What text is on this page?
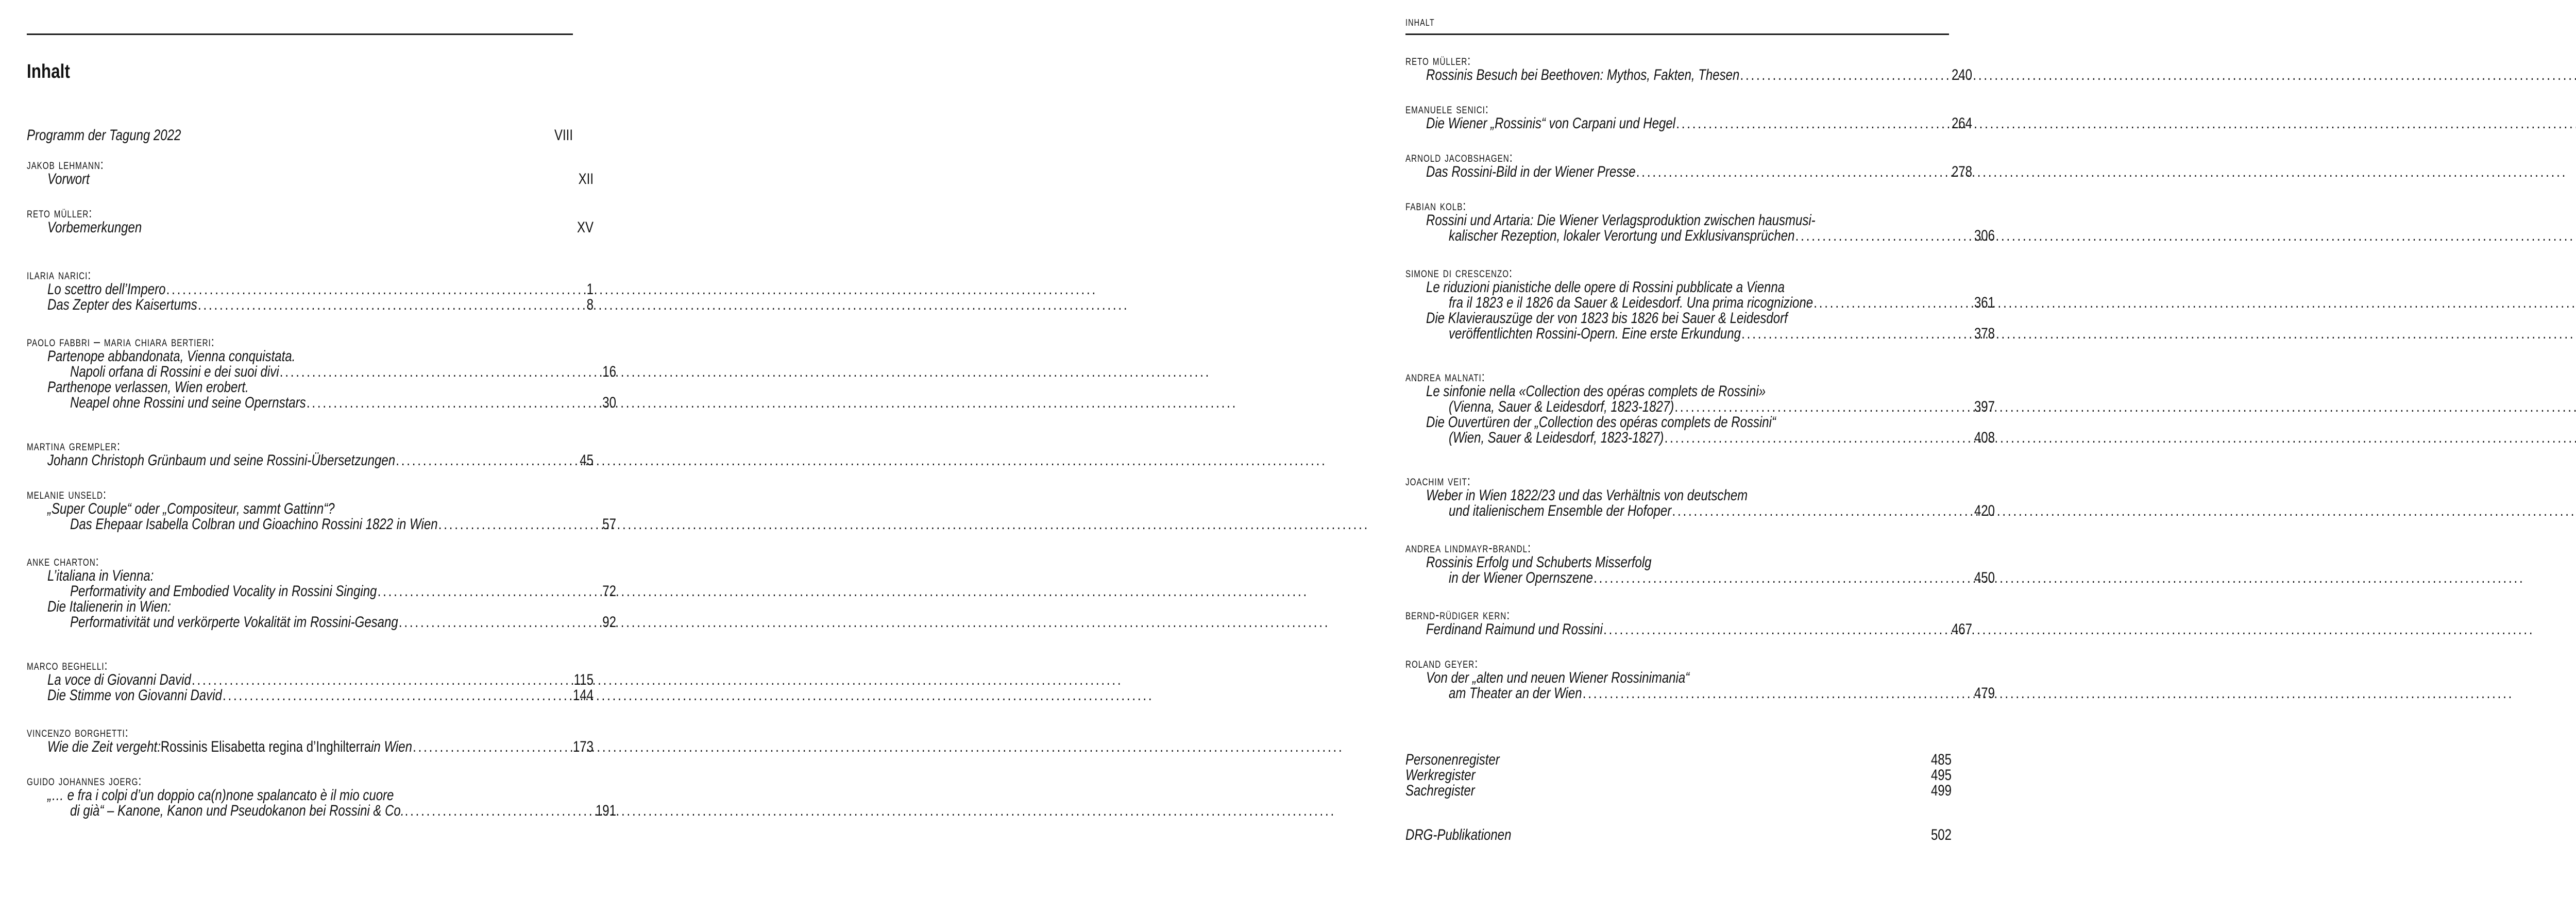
Inhalt
Programm der Tagung 2022	VIII
jakob lehmann:
Vorwort	XII
reto müller:
Vorbemerkungen	XV
ilaria narici:
Lo scettro dell’Impero .....	1
Das Zepter des Kaisertums .....	8
paolo fabbri – maria chiara bertieri:
Partenope abbandonata, Vienna conquistata.
Napoli orfana di Rossini e dei suoi divi .....	16
Parthenope verlassen, Wien erobert.
Neapel ohne Rossini und seine Opernstars .....	30
martina grempler:
Johann Christoph Grünbaum und seine Rossini-Übersetzungen .....	45
melanie unseld:
„Super Couple“ oder „Compositeur, sammt Gattinn“?
Das Ehepaar Isabella Colbran und Gioachino Rossini 1822 in Wien .....	57
anke charton:
L’italiana in Vienna:
Performativity and Embodied Vocality in Rossini Singing .....	72
Die Italienerin in Wien:
Performativität und verkörperte Vokalität im Rossini-Gesang .....	92
marco beghelli:
La voce di Giovanni David .....	115
Die Stimme von Giovanni David .....	144
vincenzo borghetti:
Wie die Zeit vergeht: Rossinis Elisabetta regina d’Inghilterra in Wien .....	173
guido johannes joerg:
„… e fra i colpi d’un doppio ca(n)none spalancato è il mio cuore
di già“ – Kanone, Kanon und Pseudokanon bei Rossini & Co. .....	191
inhalt
reto müller:
Rossinis Besuch bei Beethoven: Mythos, Fakten, Thesen .....	240
emanuele senici:
Die Wiener „Rossinis“ von Carpani und Hegel .....	264
arnold jacobshagen:
Das Rossini-Bild in der Wiener Presse .....	278
fabian kolb:
Rossini und Artaria: Die Wiener Verlagsproduktion zwischen hausmusi-
kalischer Rezeption, lokaler Verortung und Exklusivansprüchen .....	306
simone di crescenzo:
Le riduzioni pianistiche delle opere di Rossini pubblicate a Vienna
fra il 1823 e il 1826 da Sauer & Leidesdorf. Una prima ricognizione .....	361
Die Klavierauszüge der von 1823 bis 1826 bei Sauer & Leidesdorf
veröffentlichten Rossini-Opern. Eine erste Erkundung .....	378
andrea malnati:
Le sinfonie nella «Collection des opéras complets de Rossini»
(Vienna, Sauer & Leidesdorf, 1823-1827) .....	397
Die Ouvertüren der „Collection des opéras complets de Rossini“
(Wien, Sauer & Leidesdorf, 1823-1827) .....	408
joachim veit:
Weber in Wien 1822/23 und das Verhältnis von deutschem
und italienischem Ensemble der Hofoper .....	420
andrea lindmayr-brandl:
Rossinis Erfolg und Schuberts Misserfolg
in der Wiener Opernszene .....	450
bernd-rüdiger kern:
Ferdinand Raimund und Rossini .....	467
roland geyer:
Von der „alten und neuen Wiener Rossinimania“
am Theater an der Wien .....	479
Personenregister	485
Werkregister	495
Sachregister	499
DRG-Publikationen	502
